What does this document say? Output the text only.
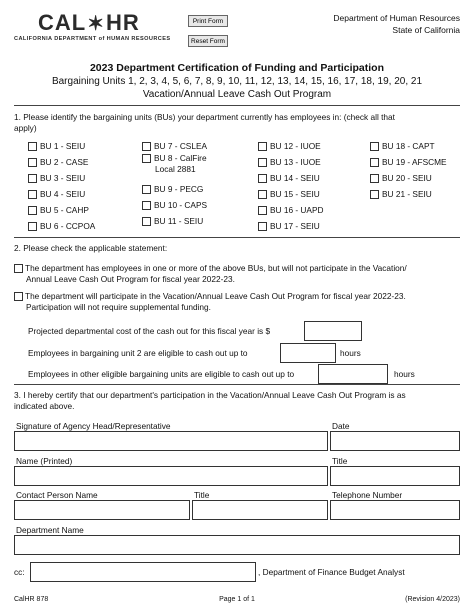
CAL✶HR
CALIFORNIA DEPARTMENT of HUMAN RESOURCES
Print Form
Reset Form
Department of Human Resources
State of California
2023 Department Certification of Funding and Participation
Bargaining Units 1, 2, 3, 4, 5, 6, 7, 8, 9, 10, 11, 12, 13, 14, 15, 16, 17, 18, 19, 20, 21
Vacation/Annual Leave Cash Out Program
1. Please identify the bargaining units (BUs) your department currently has employees in: (check all that
apply)
BU 1 - SEIU
BU 2 - CASE
BU 3 - SEIU
BU 4 - SEIU
BU 5 - CAHP
BU 6 - CCPOA
BU 7 - CSLEA
BU 8 - CalFire
Local 2881
BU 9 - PECG
BU 10 - CAPS
BU 11 - SEIU
BU 12 - IUOE
BU 13 - IUOE
BU 14 - SEIU
BU 15 - SEIU
BU 16 - UAPD
BU 17 - SEIU
BU 18 - CAPT
BU 19 - AFSCME
BU 20 - SEIU
BU 21 - SEIU
2. Please check the applicable statement:
The department has employees in one or more of the above BUs, but will not participate in the Vacation/
Annual Leave Cash Out Program for fiscal year 2022-23.
The department will participate in the Vacation/Annual Leave Cash Out Program for fiscal year 2022-23.
Participation will not require supplemental funding.
Projected departmental cost of the cash out for this fiscal year is $
Employees in bargaining unit 2 are eligible to cash out up to	hours
Employees in other eligible bargaining units are eligible to cash out up to	hours
3. I hereby certify that our department's participation in the Vacation/Annual Leave Cash Out Program is as
indicated above.
Signature of Agency Head/Representative	Date
Name (Printed)	Title
Contact Person Name	Title	Telephone Number
Department Name
cc:	, Department of Finance Budget Analyst
CalHR 878	Page 1 of 1	(Revision 4/2023)
